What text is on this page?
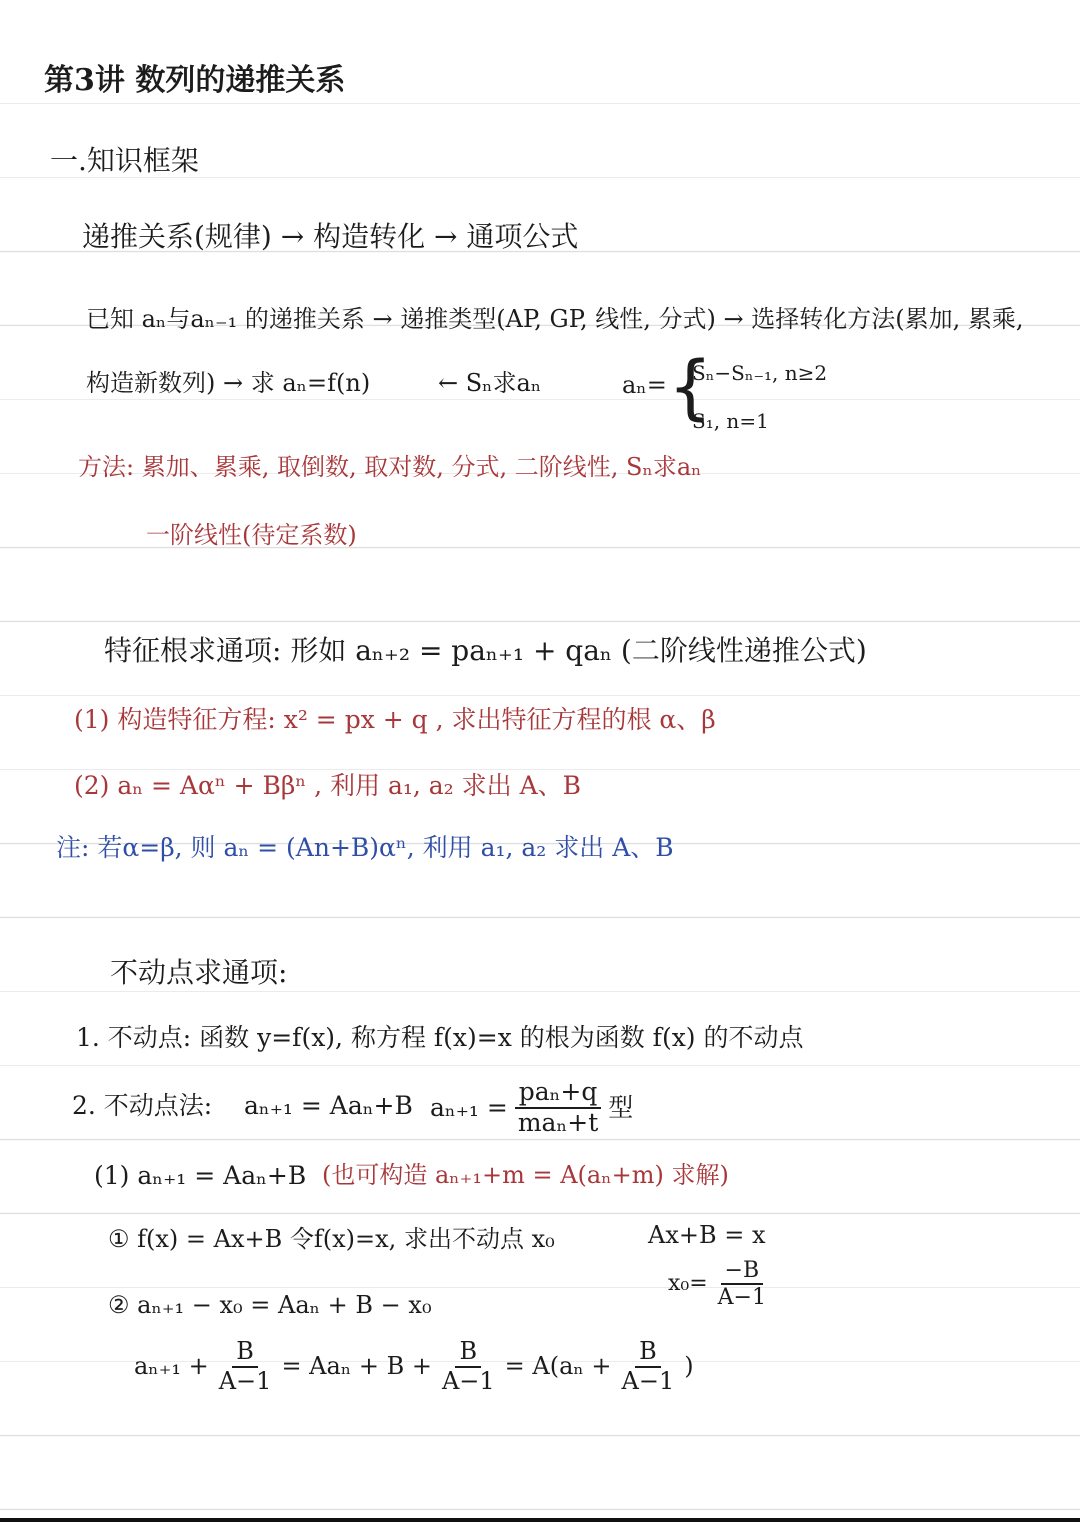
第3讲 数列的递推关系
一.知识框架
递推关系(规律) → 构造转化 → 通项公式
已知 aₙ与aₙ₋₁ 的递推关系 → 递推类型(AP, GP, 线性, 分式) → 选择转化方法(累加, 累乘,
构造新数列) → 求 aₙ=f(n)	← Sₙ求aₙ	aₙ= {
Sₙ−Sₙ₋₁, n≥2
S₁, n=1
方法: 累加、累乘, 取倒数, 取对数, 分式, 二阶线性, Sₙ求aₙ
一阶线性(待定系数)
特征根求通项: 形如 aₙ₊₂ = paₙ₊₁ + qaₙ (二阶线性递推公式)
(1) 构造特征方程: x² = px + q , 求出特征方程的根 α、β
(2) aₙ = Aαⁿ + Bβⁿ , 利用 a₁, a₂ 求出 A、B
注: 若α=β, 则 aₙ = (An+B)αⁿ, 利用 a₁, a₂ 求出 A、B
不动点求通项:
1. 不动点: 函数 y=f(x), 称方程 f(x)=x 的根为函数 f(x) 的不动点
2. 不动点法: aₙ₊₁ = Aaₙ+B $a_{n+1} = \frac{\text{paₙ+q}}{\text{maₙ+t}}$ 型
(1) aₙ₊₁ = Aaₙ+B (也可构造 aₙ₊₁+m = A(aₙ+m) 求解)
① f(x) = Ax+B 令f(x)=x, 求出不动点 x₀	Ax+B = x
$x_0= \frac{-B}{A-1}$
② aₙ₊₁ − x₀ = Aaₙ + B − x₀
$a_{n+1} + \frac{B}{A-1} = Aa_n + B + \frac{B}{A-1} = A(a_n + \frac{B}{A-1}$ )
